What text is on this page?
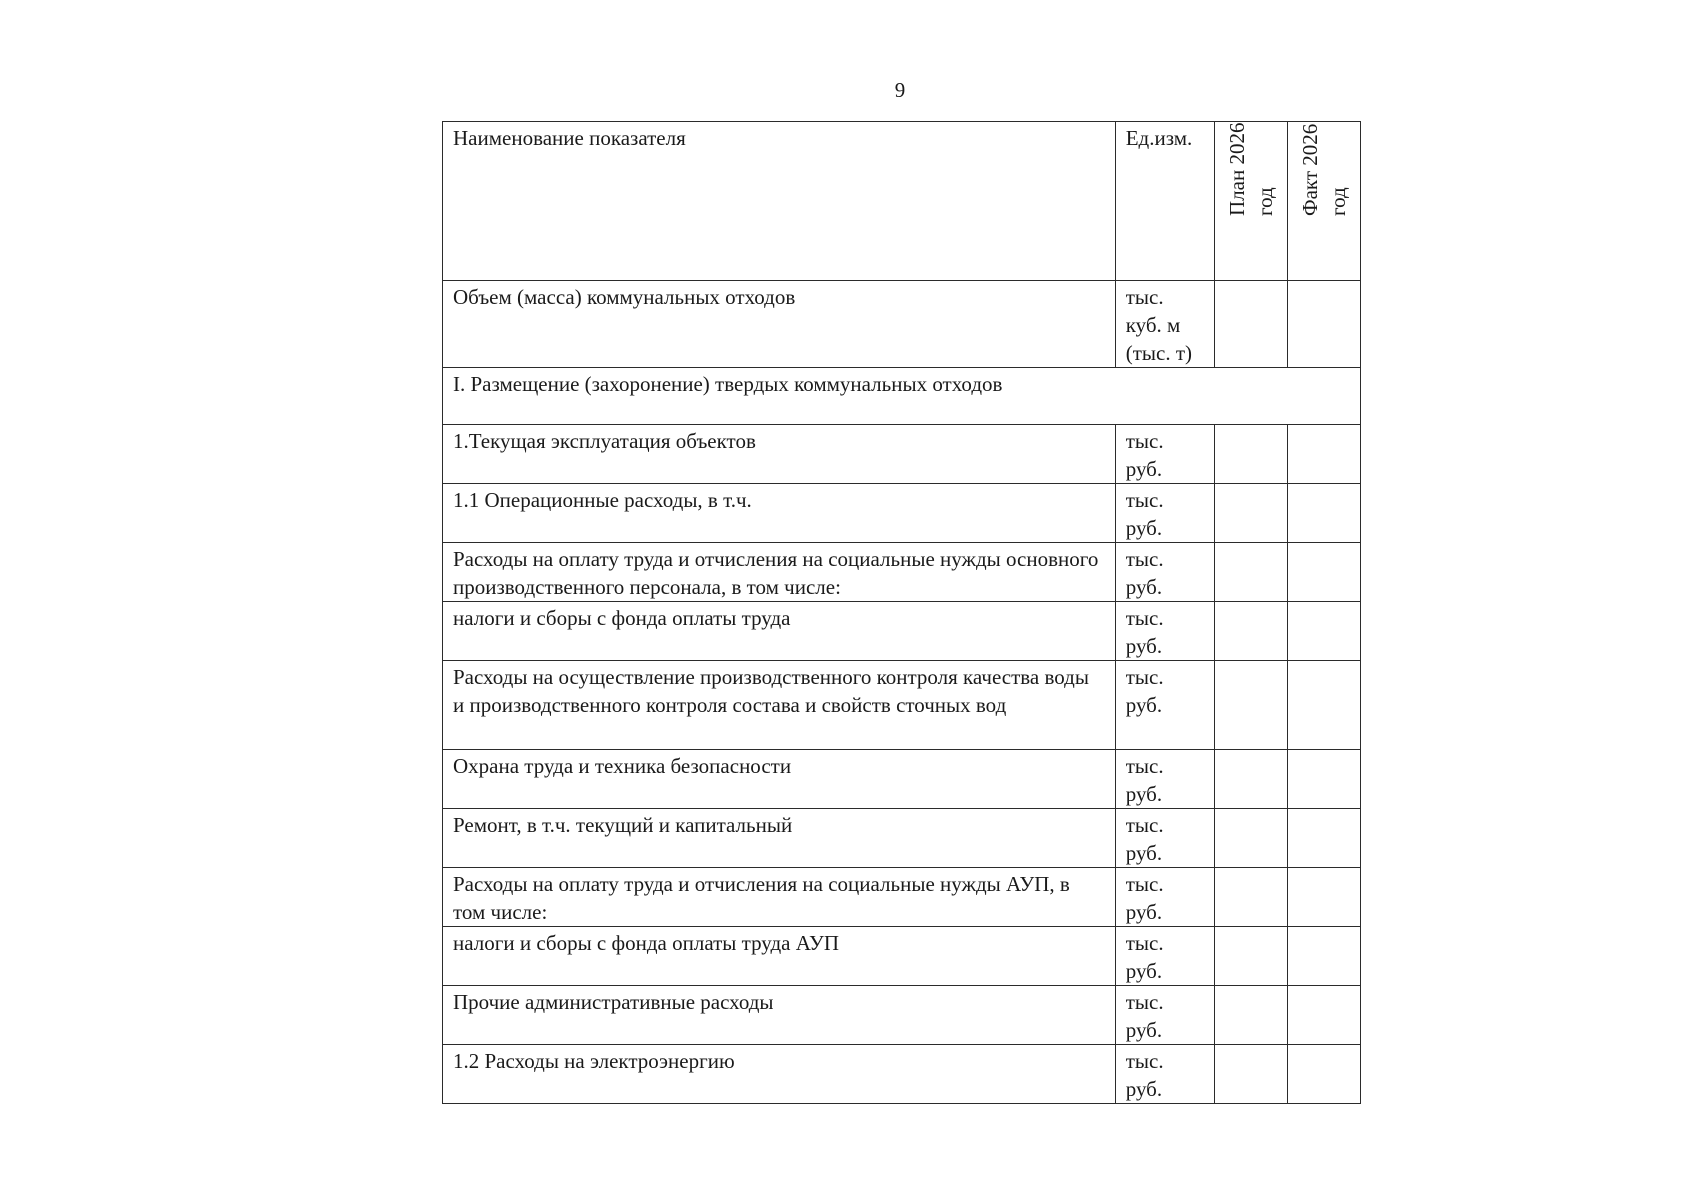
9
Наименование показателя	Ед.изм.	План 2026 год	Факт 2026 год

Объем (масса) коммунальных отходов	тыс.
куб. м
(тыс. т)		

I. Размещение (захоронение) твердых коммунальных отходов			
1.Текущая эксплуатация объектов	тыс.
руб.		

1.1 Операционные расходы, в т.ч.	тыс.
руб.		

Расходы на оплату труда и отчисления на социальные нужды основного производственного персонала, в том числе:	тыс.
руб.		

налоги и сборы с фонда оплаты труда	тыс.
руб.		

Расходы на осуществление производственного контроля качества воды и производственного контроля состава и свойств сточных вод	тыс.
руб.		

Охрана труда и техника безопасности	тыс.
руб.		

Ремонт, в т.ч. текущий и капитальный	тыс.
руб.		

Расходы на оплату труда и отчисления на социальные нужды АУП, в том числе:	тыс.
руб.		

налоги и сборы с фонда оплаты труда АУП	тыс.
руб.		

Прочие административные расходы	тыс.
руб.		

1.2 Расходы на электроэнергию	тыс.
руб.		
